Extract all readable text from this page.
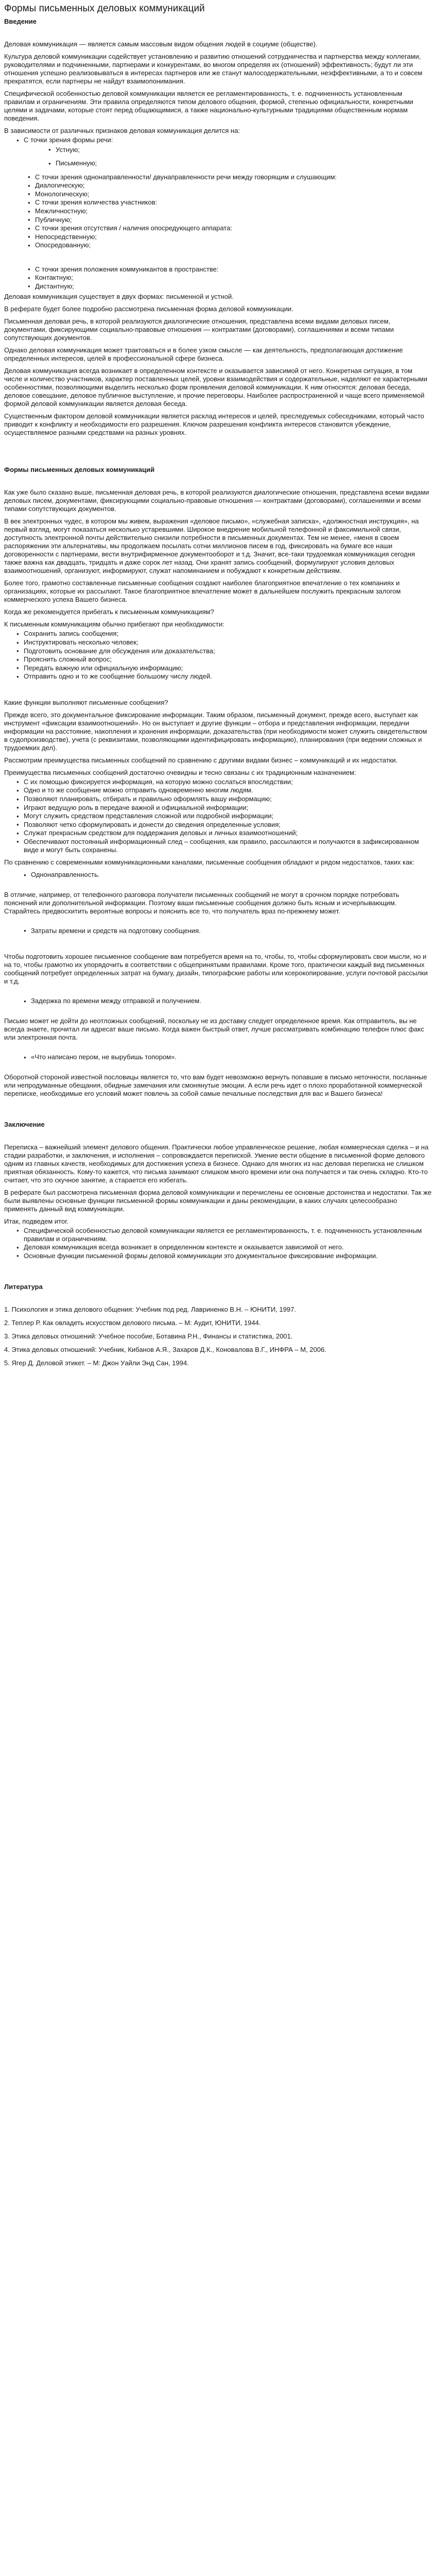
Формы письменных деловых коммуникаций
Введение

Деловая коммуникация — является самым массовым видом общения людей в социуме (обществе).

Культура деловой коммуникации содействует установлению и развитию отношений сотрудничества и партнерства между коллегами, руководителями и подчиненными, партнерами и конкурентами, во многом определяя их (отношений) эффективность; будут ли эти отношения успешно реализовываться в интересах партнеров или же станут малосодержательными, неэффективными, а то и совсем прекратятся, если партнеры не найдут взаимопонимания.

Специфической особенностью деловой коммуникации является ее регламентированность, т. е. подчиненность установленным правилам и ограничениям. Эти правила определяются типом делового общения, формой, степенью официальности, конкретными целями и задачами, которые стоят перед общающимися, а также национально-культурными традициями общественным нормам поведения.

В зависимости от различных признаков деловая коммуникация делится на:

● С точки зрения формы речи:
● Устную;
● Письменную;
● С точки зрения однонаправленности/ двунаправленности речи между говорящим и слушающим:
● Диалогическую;
● Монологическую;
● С точки зрения количества участников:
● Межличностную;
● Публичную;
● С точки зрения отсутствия / наличия опосредующего аппарата:
● Непосредственную;
● Опосредованную;
● С точки зрения положения коммуникантов в пространстве:
● Контактную;
● Дистантную;

Деловая коммуникация существует в двух формах: письменной и устной.

В реферате будет более подробно рассмотрена письменная форма деловой коммуникации.

Письменная деловая речь, в которой реализуются диалогические отношения, представлена всеми видами деловых писем, документами, фиксирующими социально-правовые отношения — контрактами (договорами), соглашениями и всеми типами сопутствующих документов.

Однако деловая коммуникация может трактоваться и в более узком смысле — как деятельность, предполагающая достижение определенных интересов, целей в профессиональной сфере бизнеса.

Деловая коммуникация всегда возникает в определенном контексте и оказывается зависимой от него. Конкретная ситуация, в том числе и количество участников, характер поставленных целей, уровни взаимодействия и содержательные, наделяют ее характерными особенностями, позволяющими выделить несколько форм проявления деловой коммуникации. К ним относятся: деловая беседа, деловое совещание, деловое публичное выступление, и прочие переговоры. Наиболее распространенной и чаще всего применяемой формой деловой коммуникации является деловая беседа.

Существенным фактором деловой коммуникации является расклад интересов и целей, преследуемых собеседниками, который часто приводит к конфликту и необходимости его разрешения. Ключом разрешения конфликта интересов становится убеждение, осуществляемое разными средствами на разных уровнях.

Формы письменных деловых коммуникаций

Как уже было сказано выше, письменная деловая речь, в которой реализуются диалогические отношения, представлена всеми видами деловых писем, документами, фиксирующими социально-правовые отношения — контрактами (договорами), соглашениями и всеми типами сопутствующих документов.

В век электронных чудес, в котором мы живем, выражения «деловое письмо», «служебная записка», «должностная инструкция», на первый взгляд, могут показаться несколько устаревшими. Широкое внедрение мобильной телефонной и факсимильной связи, доступность электронной почты действительно снизили потребности в письменных документах. Тем не менее, «меня в своем распоряжении эти альтернативы, мы продолжаем посылать сотни миллионов писем в год, фиксировать на бумаге все наши договоренности с партнерами, вести внутрифирменное документооборот и т.д. Значит, все-таки трудоемкая коммуникация сегодня также важна как двадцать, тридцать и даже сорок лет назад. Они хранят запись сообщений, формулируют условия деловых взаимоотношений, организуют, информируют, служат напоминанием и побуждают к конкретным действиям.

Более того, грамотно составленные письменные сообщения создают наиболее благоприятное впечатление о тех компаниях и организациях, которые их рассылают. Такое благоприятное впечатление может в дальнейшем послужить прекрасным залогом коммерческого успеха Вашего бизнеса.

Когда же рекомендуется прибегать к письменным коммуникациям?

К письменным коммуникациям обычно прибегают при необходимости:

● Сохранить запись сообщения;
● Инструктировать несколько человек;
● Подготовить основание для обсуждения или доказательства;
● Прояснить сложный вопрос;
● Передать важную или официальную информацию;
● Отправить одно и то же сообщение большому числу людей.

Какие функции выполняют письменные сообщения?

Прежде всего, это документальное фиксирование информации. Таким образом, письменный документ, прежде всего, выступает как инструмент «фиксации взаимоотношений». Но он выступает и другие функции – отбора и представления информации, передачи информации на расстояние, накопления и хранения информации, доказательства (при необходимости может служить свидетельством в судопроизводстве), учета (с реквизитами, позволяющими идентифицировать информацию), планирования (при ведении сложных и трудоемких дел).

Рассмотрим преимущества письменных сообщений по сравнению с другими видами бизнес – коммуникаций и их недостатки.

Преимущества письменных сообщений достаточно очевидны и тесно связаны с их традиционным назначением:

● С их помощью фиксируется информация, на которую можно сослаться впоследствии;
● Одно и то же сообщение можно отправить одновременно многим людям.
● Позволяют планировать, отбирать и правильно оформлять вашу информацию;
● Играют ведущую роль в передаче важной и официальной информации;
● Могут служить средством представления сложной или подробной информации;
● Позволяют четко сформулировать и донести до сведения определенные условия;
● Служат прекрасным средством для поддержания деловых и личных взаимоотношений;
● Обеспечивают постоянный информационный след – сообщения, как правило, рассылаются и получаются в зафиксированном виде и могут быть сохранены.

По сравнению с современными коммуникационными каналами, письменные сообщения обладают и рядом недостатков, таких как:

● Однонаправленность.

В отличие, например, от телефонного разговора получатели письменных сообщений не могут в срочном порядке потребовать пояснений или дополнительной информации. Поэтому ваши письменные сообщения должно быть ясным и исчерпывающим. Старайтесь предвосхитить вероятные вопросы и пояснить все то, что получатель враз по-прежнему может.

● Затраты времени и средств на подготовку сообщения.

Чтобы подготовить хорошее письменное сообщение вам потребуется время на то, чтобы, то, чтобы сформулировать свои мысли, но и на то, чтобы грамотно их упорядочить в соответствии с общепринятыми правилами. Кроме того, практически каждый вид письменных сообщений потребует определенных затрат на бумагу, дизайн, типографские работы или ксерокопирование, услуги почтовой рассылки и т.д.

● Задержка по времени между отправкой и получением.

Письмо может не дойти до неотложных сообщений, поскольку не из доставку следует определенное время. Как отправитель, вы не всегда знаете, прочитал ли адресат ваше письмо. Когда важен быстрый ответ, лучше рассматривать комбинацию телефон плюс факс или электронная почта.

● «Что написано пером, не вырубишь топором».

Оборотной стороной известной пословицы является то, что вам будет невозможно вернуть попавшие в письмо неточности, посланные или непродуманные обещания, обидные замечания или смонянутые эмоции. А если речь идет о плохо проработанной коммерческой переписке, необходимые его условий может повлечь за собой самые печальные последствия для вас и Вашего бизнеса!

Заключение

Переписка – важнейший элемент делового общения. Практически любое управленческое решение, любая коммерческая сделка – и на стадии разработки, и заключения, и исполнения – сопровождается перепиской. Умение вести общение в письменной форме делового одним из главных качеств, необходимых для достижения успеха в бизнесе. Однако для многих из нас деловая переписка не слишком приятная обязанность. Кому-то кажется, что письма занимают слишком много времени или она получается и так очень складно. Кто-то считает, что это скучное занятие, а старается его избегать.

В реферате был рассмотрена письменная форма деловой коммуникации и перечислены ее основные достоинства и недостатки. Так же были выявлены основные функции письменной формы коммуникации и даны рекомендации, в каких случаях целесообразно применять данный вид коммуникации.

Итак, подведем итог.

● Специфической особенностью деловой коммуникации является ее регламентированность, т. е. подчиненность установленным правилам и ограничениям.
● Деловая коммуникация всегда возникает в определенном контексте и оказывается зависимой от него.
● Основные функции письменной формы деловой коммуникации это документальное фиксирование информации.
Литература

1. Психология и этика делового общения: Учебник под ред. Лавриненко В.Н. – ЮНИТИ, 1997.

2. Теплер Р. Как овладеть искусством делового письма. – М: Аудит, ЮНИТИ, 1944.

3. Этика деловых отношений: Учебное пособие, Ботавина Р.Н., Финансы и статистика, 2001.

4. Этика деловых отношений: Учебник, Кибанов А.Я., Захаров Д.К., Коновалова В.Г., ИНФРА – М, 2006.

5. Ягер Д. Деловой этикет. – М: Джон Уайли Энд Сан, 1994.
